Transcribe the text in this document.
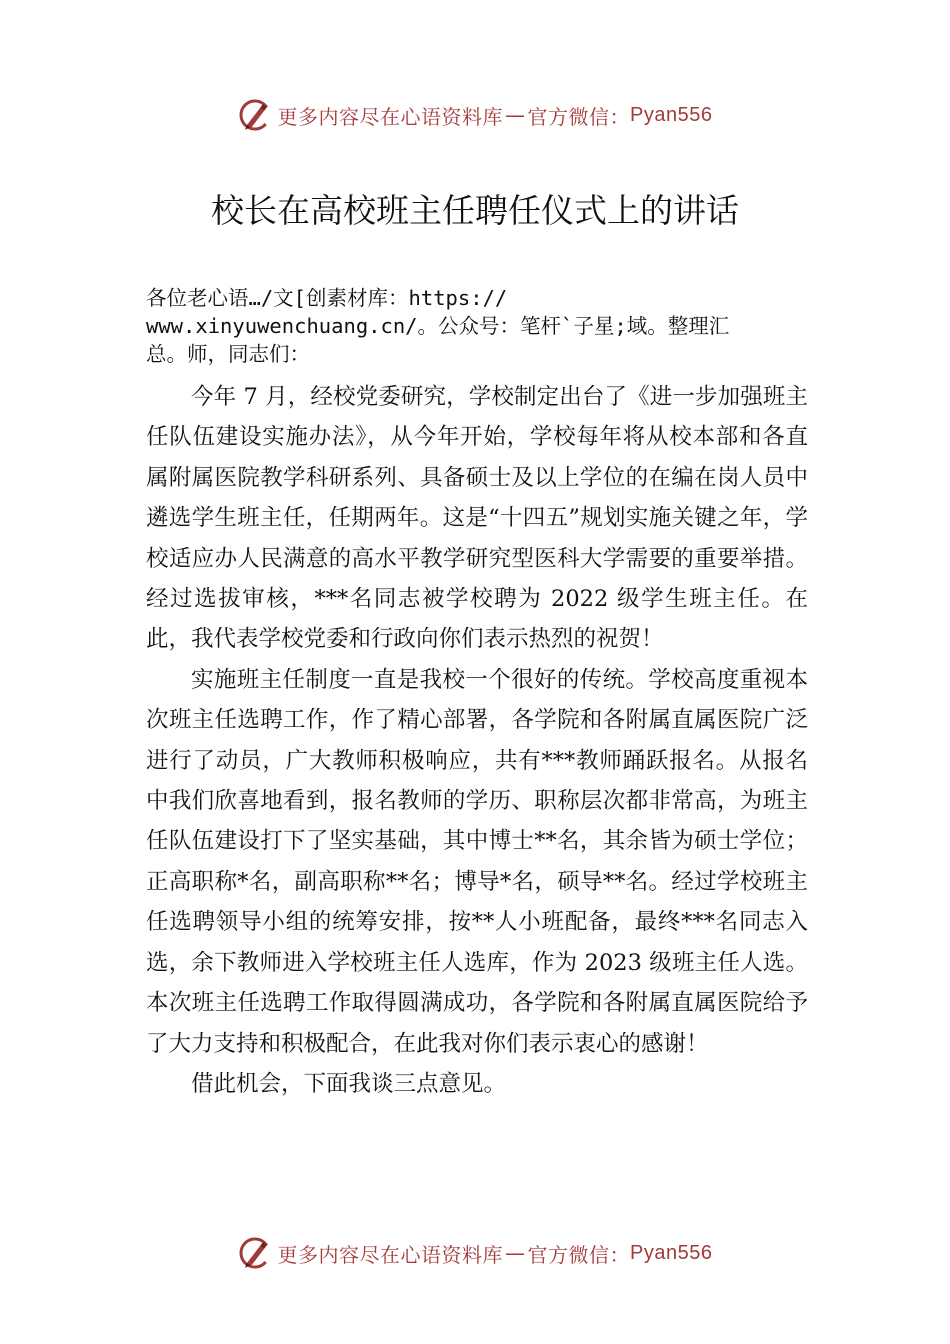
更多内容尽在心语资料库 — 官方微信： Pyan556
校长在高校班主任聘任仪式上的讲话
各位老心语…/文[创素材库：https://
www.xinyuwenchuang.cn/。公众号：笔杆`子星;域。整理汇
总。师，同志们：

今年 7 月，经校党委研究，学校制定出台了《进一步加强班主任队伍建设实施办法》，从今年开始，学校每年将从校本部和各直属附属医院教学科研系列、具备硕士及以上学位的在编在岗人员中遴选学生班主任，任期两年。这是“十四五”规划实施关键之年，学校适应办人民满意的高水平教学研究型医科大学需要的重要举措。经过选拔审核，***名同志被学校聘为 2022 级学生班主任。在此，我代表学校党委和行政向你们表示热烈的祝贺！

实施班主任制度一直是我校一个很好的传统。学校高度重视本次班主任选聘工作，作了精心部署，各学院和各附属直属医院广泛进行了动员，广大教师积极响应，共有***教师踊跃报名。从报名中我们欣喜地看到，报名教师的学历、职称层次都非常高，为班主任队伍建设打下了坚实基础，其中博士**名，其余皆为硕士学位；正高职称*名，副高职称**名；博导*名，硕导**名。经过学校班主任选聘领导小组的统筹安排，按**人小班配备，最终***名同志入选，余下教师进入学校班主任人选库，作为 2023 级班主任人选。本次班主任选聘工作取得圆满成功，各学院和各附属直属医院给予了大力支持和积极配合，在此我对你们表示衷心的感谢！

借此机会，下面我谈三点意见。

更多内容尽在心语资料库 — 官方微信： Pyan556
